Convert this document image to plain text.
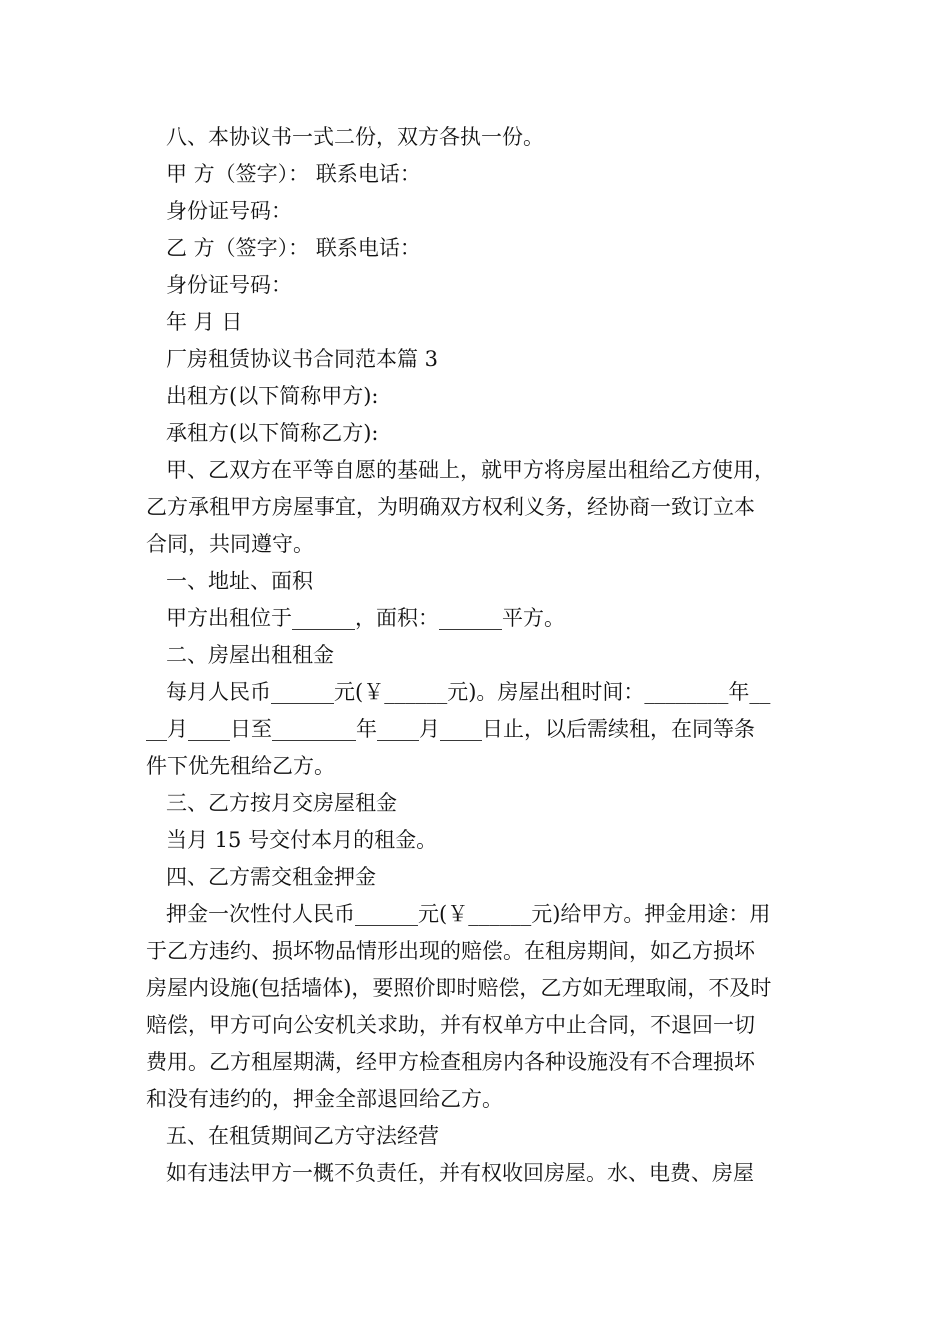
八、本协议书一式二份，双方各执一份。
甲 方（签字）： 联系电话：
身份证号码：
乙 方（签字）： 联系电话：
身份证号码：
年 月 日
厂房租赁协议书合同范本篇 3
出租方(以下简称甲方):
承租方(以下简称乙方):
甲、乙双方在平等自愿的基础上，就甲方将房屋出租给乙方使用，
乙方承租甲方房屋事宜，为明确双方权利义务，经协商一致订立本
合同，共同遵守。
一、地址、面积
甲方出租位于______，面积：______平方。
二、房屋出租租金
每月人民币______元(￥______元)。房屋出租时间：________年__
__月____日至________年____月____日止，以后需续租，在同等条
件下优先租给乙方。
三、乙方按月交房屋租金
当月 15 号交付本月的租金。
四、乙方需交租金押金
押金一次性付人民币______元(￥______元)给甲方。押金用途：用
于乙方违约、损坏物品情形出现的赔偿。在租房期间，如乙方损坏
房屋内设施(包括墙体)，要照价即时赔偿，乙方如无理取闹，不及时
赔偿，甲方可向公安机关求助，并有权单方中止合同，不退回一切
费用。乙方租屋期满，经甲方检查租房内各种设施没有不合理损坏
和没有违约的，押金全部退回给乙方。
五、在租赁期间乙方守法经营
如有违法甲方一概不负责任，并有权收回房屋。水、电费、房屋
